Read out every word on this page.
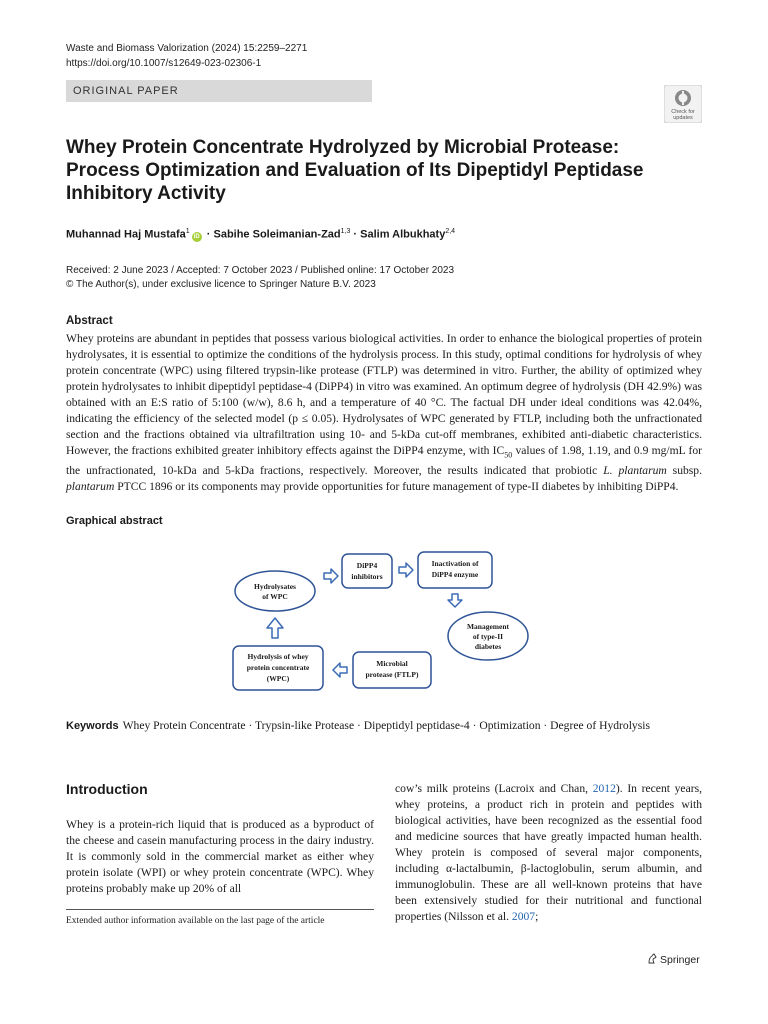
Waste and Biomass Valorization (2024) 15:2259–2271
https://doi.org/10.1007/s12649-023-02306-1
ORIGINAL PAPER
Check for
updates
Whey Protein Concentrate Hydrolyzed by Microbial Protease: Process Optimization and Evaluation of Its Dipeptidyl Peptidase Inhibitory Activity
Muhannad Haj Mustafa$^1$iD · Sabihe Soleimanian-Zad$^{1,3}$ · Salim Albukhaty$^{2,4}$
Received: 2 June 2023 / Accepted: 7 October 2023 / Published online: 17 October 2023
© The Author(s), under exclusive licence to Springer Nature B.V. 2023
Abstract

Whey proteins are abundant in peptides that possess various biological activities. In order to enhance the biological properties of protein hydrolysates, it is essential to optimize the conditions of the hydrolysis process. In this study, optimal conditions for hydrolysis of whey protein concentrate (WPC) using filtered trypsin-like protease (FTLP) was determined in vitro. Further, the ability of optimized whey protein hydrolysates to inhibit dipeptidyl peptidase-4 (DiPP4) in vitro was examined. An optimum degree of hydrolysis (DH 42.9%) was obtained with an E:S ratio of 5:100 (w/w), 8.6 h, and a temperature of 40 °C. The factual DH under ideal conditions was 42.04%, indicating the efficiency of the selected model (p ≤ 0.05). Hydrolysates of WPC generated by FTLP, including both the unfractionated section and the fractions obtained via ultrafiltration using 10- and 5-kDa cut-off membranes, exhibited anti-diabetic characteristics. However, the fractions exhibited greater inhibitory effects against the DiPP4 enzyme, with $IC_{50}$ values of 1.98, 1.19, and 0.9 mg/mL for the unfractionated, 10-kDa and 5-kDa fractions, respectively. Moreover, the results indicated that probiotic L. plantarum subsp. plantarum PTCC 1896 or its components may provide opportunities for future management of type-II diabetes by inhibiting DiPP4.

Graphical abstract
Hydrolysates
of WPC
DiPP4
inhibitors
Inactivation of
DiPP4 enzyme
Management
of type-II
diabetes
Microbial
protease (FTLP)
Hydrolysis of whey
protein concentrate
(WPC)
Keywords Whey Protein Concentrate · Trypsin-like Protease · Dipeptidyl peptidase-4 · Optimization · Degree of Hydrolysis
Introduction

Whey is a protein-rich liquid that is produced as a byproduct of the cheese and casein manufacturing process in the dairy industry. It is commonly sold in the commercial market as either whey protein isolate (WPI) or whey protein concentrate (WPC). Whey proteins probably make up 20% of all

cow’s milk proteins (Lacroix and Chan, 2012). In recent years, whey proteins, a product rich in protein and peptides with biological activities, have been recognized as the essential food and medicine sources that have greatly impacted human health. Whey protein is composed of several major components, including α-lactalbumin, β-lactoglobulin, serum albumin, and immunoglobulin. These are all well-known proteins that have been extensively studied for their nutritional and functional properties (Nilsson et al. 2007;

Extended author information available on the last page of the article
Springer
